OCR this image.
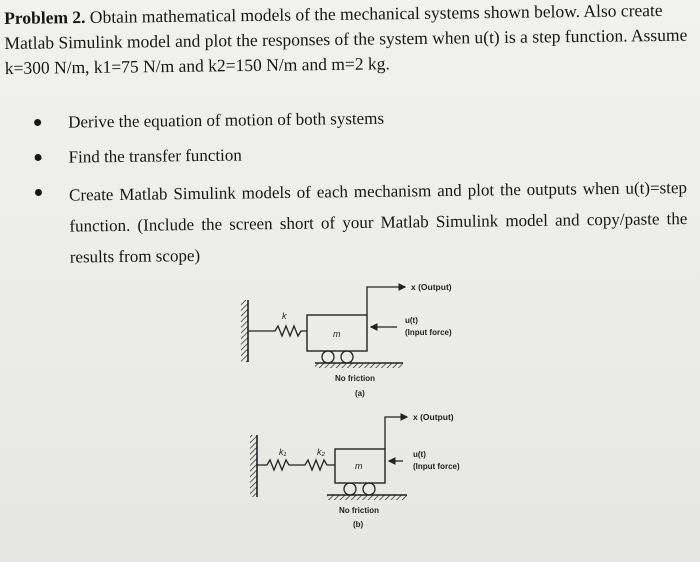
Problem 2. Obtain mathematical models of the mechanical systems shown below. Also create Matlab Simulink model and plot the responses of the system when u(t) is a step function. Assume k=300 N/m, k1=75 N/m and k2=150 N/m and m=2 kg.
Derive the equation of motion of both systems
Find the transfer function
Create Matlab Simulink models of each mechanism and plot the outputs when u(t)=step function. (Include the screen short of your Matlab Simulink model and copy/paste the results from scope)
k
m
x (Output)
u(t)
(Input force)
No friction
(a)
k₁	k₂
m
x (Output)
u(t)
(Input force)
No friction
(b)
